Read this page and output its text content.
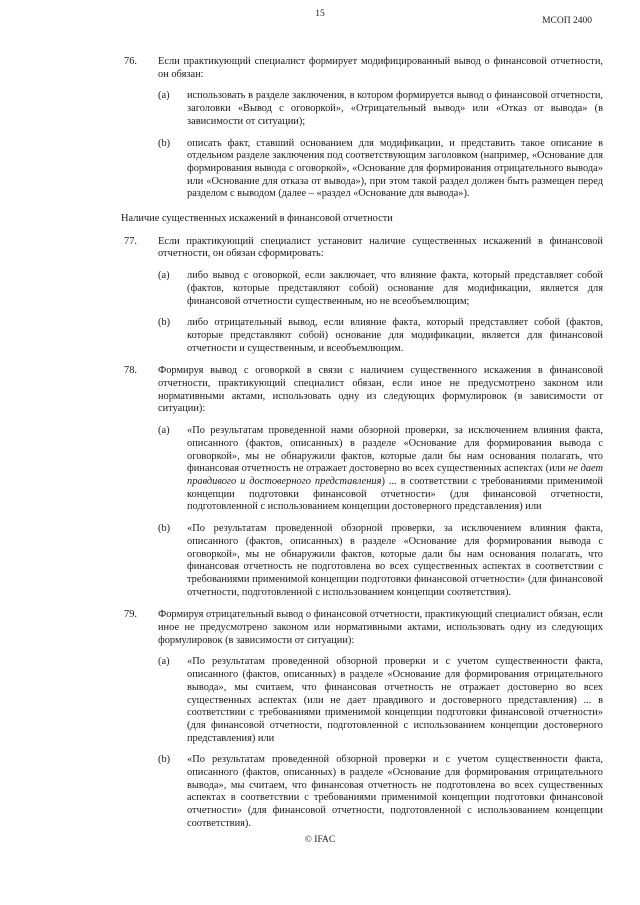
15
МСОП 2400
76. Если практикующий специалист формирует модифицированный вывод о финансовой отчетности, он обязан:

(a) использовать в разделе заключения, в котором формируется вывод о финансовой отчетности, заголовки «Вывод с оговоркой», «Отрицательный вывод» или «Отказ от вывода» (в зависимости от ситуации);

(b) описать факт, ставший основанием для модификации, и представить такое описание в отдельном разделе заключения под соответствующим заголовком (например, «Основание для формирования вывода с оговоркой», «Основание для формирования отрицательного вывода» или «Основание для отказа от вывода»), при этом такой раздел должен быть размещен перед разделом с выводом (далее – «раздел «Основание для вывода»).

Наличие существенных искажений в финансовой отчетности
77. Если практикующий специалист установит наличие существенных искажений в финансовой отчетности, он обязан сформировать:

(a) либо вывод с оговоркой, если заключает, что влияние факта, который представляет собой (фактов, которые представляют собой) основание для модификации, является для финансовой отчетности существенным, но не всеобъемлющим;

(b) либо отрицательный вывод, если влияние факта, который представляет собой (фактов, которые представляют собой) основание для модификации, является для финансовой отчетности и существенным, и всеобъемлющим.

78. Формируя вывод с оговоркой в связи с наличием существенного искажения в финансовой отчетности, практикующий специалист обязан, если иное не предусмотрено законом или нормативными актами, использовать одну из следующих формулировок (в зависимости от ситуации):

(a) «По результатам проведенной нами обзорной проверки, за исключением влияния факта, описанного (фактов, описанных) в разделе «Основание для формирования вывода с оговоркой», мы не обнаружили фактов, которые дали бы нам основания полагать, что финансовая отчетность не отражает достоверно во всех существенных аспектах (или не дает правдивого и достоверного представления) ... в соответствии с требованиями применимой концепции подготовки финансовой отчетности» (для финансовой отчетности, подготовленной с использованием концепции достоверного представления) или

(b) «По результатам проведенной обзорной проверки, за исключением влияния факта, описанного (фактов, описанных) в разделе «Основание для формирования вывода с оговоркой», мы не обнаружили фактов, которые дали бы нам основания полагать, что финансовая отчетность не подготовлена во всех существенных аспектах в соответствии с требованиями применимой концепции подготовки финансовой отчетности» (для финансовой отчетности, подготовленной с использованием концепции соответствия).

79. Формируя отрицательный вывод о финансовой отчетности, практикующий специалист обязан, если иное не предусмотрено законом или нормативными актами, использовать одну из следующих формулировок (в зависимости от ситуации):

(a) «По результатам проведенной обзорной проверки и с учетом существенности факта, описанного (фактов, описанных) в разделе «Основание для формирования отрицательного вывода», мы считаем, что финансовая отчетность не отражает достоверно во всех существенных аспектах (или не дает правдивого и достоверного представления) ... в соответствии с требованиями применимой концепции подготовки финансовой отчетности» (для финансовой отчетности, подготовленной с использованием концепции достоверного представления) или

(b) «По результатам проведенной обзорной проверки и с учетом существенности факта, описанного (фактов, описанных) в разделе «Основание для формирования отрицательного вывода», мы считаем, что финансовая отчетность не подготовлена во всех существенных аспектах в соответствии с требованиями применимой концепции подготовки финансовой отчетности» (для финансовой отчетности, подготовленной с использованием концепции соответствия).

© IFAC
